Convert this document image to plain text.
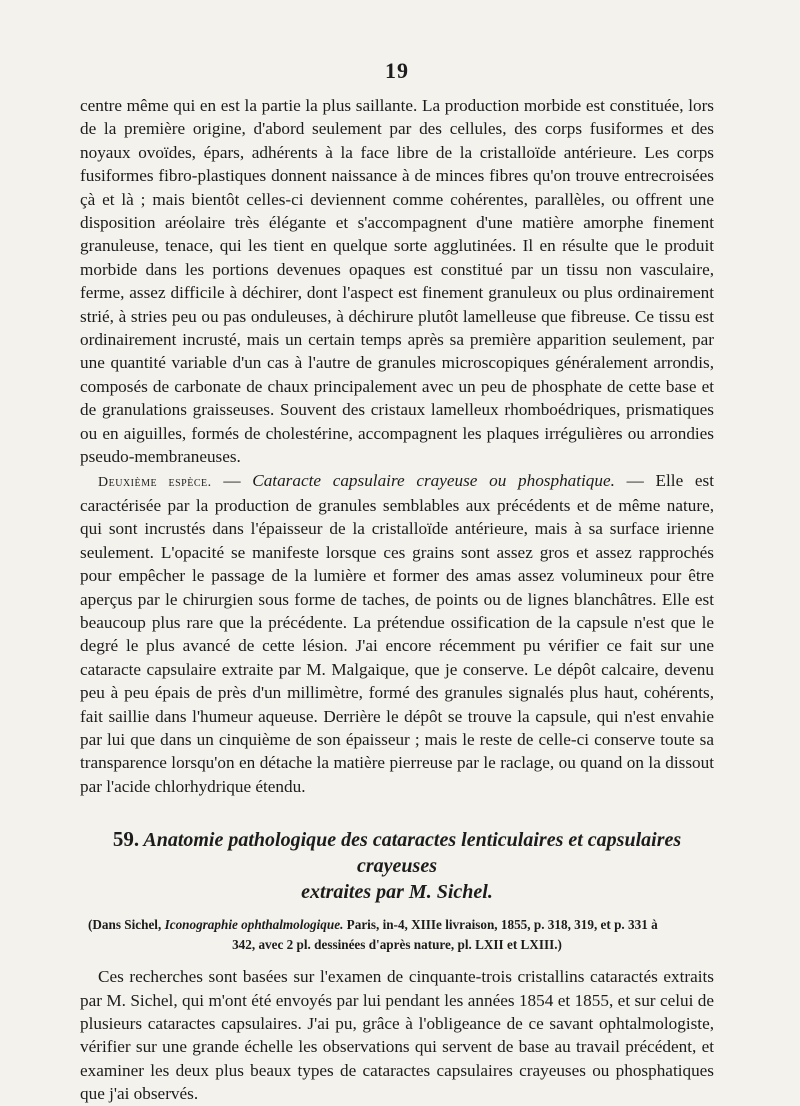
19

centre même qui en est la partie la plus saillante. La production morbide est constituée, lors de la première origine, d'abord seulement par des cellules, des corps fusiformes et des noyaux ovoïdes, épars, adhérents à la face libre de la cristalloïde antérieure. Les corps fusiformes fibro-plastiques donnent naissance à de minces fibres qu'on trouve entrecroisées çà et là ; mais bientôt celles-ci deviennent comme cohérentes, parallèles, ou offrent une disposition aréolaire très élégante et s'accompagnent d'une matière amorphe finement granuleuse, tenace, qui les tient en quelque sorte agglutinées. Il en résulte que le produit morbide dans les portions devenues opaques est constitué par un tissu non vasculaire, ferme, assez difficile à déchirer, dont l'aspect est finement granuleux ou plus ordinairement strié, à stries peu ou pas onduleuses, à déchirure plutôt lamelleuse que fibreuse. Ce tissu est ordinairement incrusté, mais un certain temps après sa première apparition seulement, par une quantité variable d'un cas à l'autre de granules microscopiques généralement arrondis, composés de carbonate de chaux principalement avec un peu de phosphate de cette base et de granulations graisseuses. Souvent des cristaux lamelleux rhomboédriques, prismatiques ou en aiguilles, formés de cholestérine, accompagnent les plaques irrégulières ou arrondies pseudo-membraneuses.

Deuxième espèce. — Cataracte capsulaire crayeuse ou phosphatique. — Elle est caractérisée par la production de granules semblables aux précédents et de même nature, qui sont incrustés dans l'épaisseur de la cristalloïde antérieure, mais à sa surface irienne seulement. L'opacité se manifeste lorsque ces grains sont assez gros et assez rapprochés pour empêcher le passage de la lumière et former des amas assez volumineux pour être aperçus par le chirurgien sous forme de taches, de points ou de lignes blanchâtres. Elle est beaucoup plus rare que la précédente. La prétendue ossification de la capsule n'est que le degré le plus avancé de cette lésion. J'ai encore récemment pu vérifier ce fait sur une cataracte capsulaire extraite par M. Malgaique, que je conserve. Le dépôt calcaire, devenu peu à peu épais de près d'un millimètre, formé des granules signalés plus haut, cohérents, fait saillie dans l'humeur aqueuse. Derrière le dépôt se trouve la capsule, qui n'est envahie par lui que dans un cinquième de son épaisseur ; mais le reste de celle-ci conserve toute sa transparence lorsqu'on en détache la matière pierreuse par le raclage, ou quand on la dissout par l'acide chlorhydrique étendu.

59. Anatomie pathologique des cataractes lenticulaires et capsulaires crayeuses
extraites par M. Sichel.
(Dans Sichel, Iconographie ophthalmologique. Paris, in-4, XIIIe livraison, 1855, p. 318, 319, et p. 331 à
342, avec 2 pl. dessinées d'après nature, pl. LXII et LXIII.)

Ces recherches sont basées sur l'examen de cinquante-trois cristallins cataractés extraits par M. Sichel, qui m'ont été envoyés par lui pendant les années 1854 et 1855, et sur celui de plusieurs cataractes capsulaires. J'ai pu, grâce à l'obligeance de ce savant ophtalmologiste, vérifier sur une grande échelle les observations qui servent de base au travail précédent, et examiner les deux plus beaux types de cataractes capsulaires crayeuses ou phosphatiques que j'ai observés.
